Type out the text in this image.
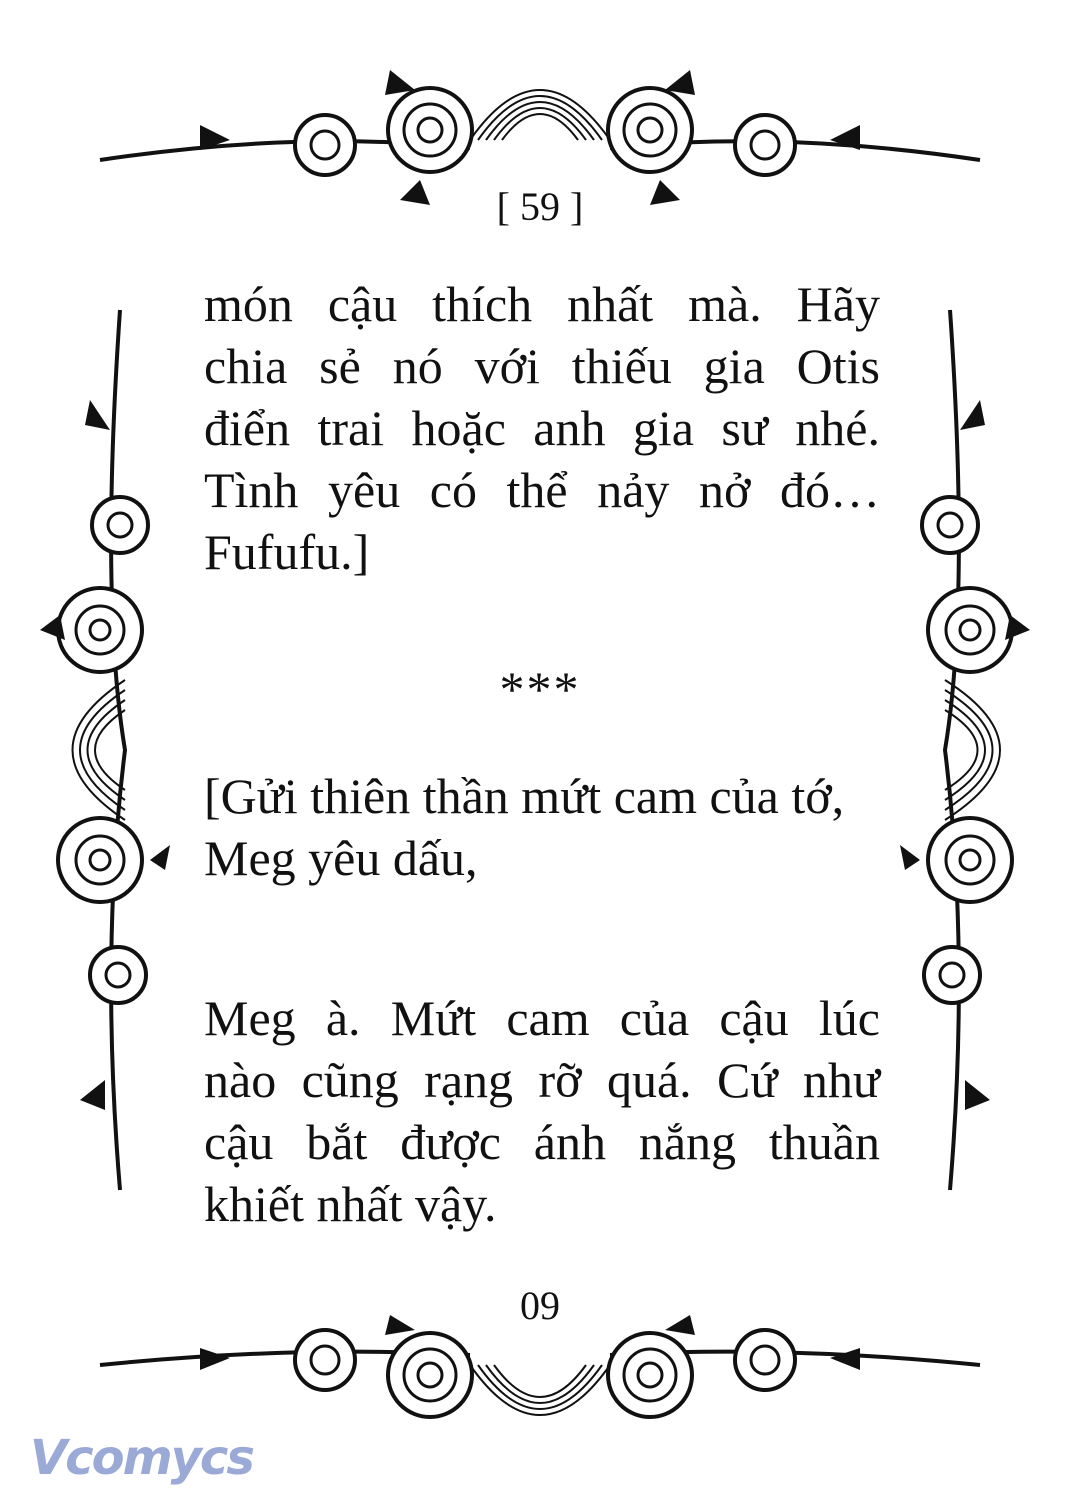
[ 59 ]
món cậu thích nhất mà. Hãy
chia sẻ nó với thiếu gia Otis
điển trai hoặc anh gia sư nhé.
Tình yêu có thể nảy nở đó…
Fufufu.]
***
[Gửi thiên thần mứt cam của tớ,
Meg yêu dấu,
Meg à. Mứt cam của cậu lúc
nào cũng rạng rỡ quá. Cứ như
cậu bắt được ánh nắng thuần
khiết nhất vậy.
09
Vcomycs
